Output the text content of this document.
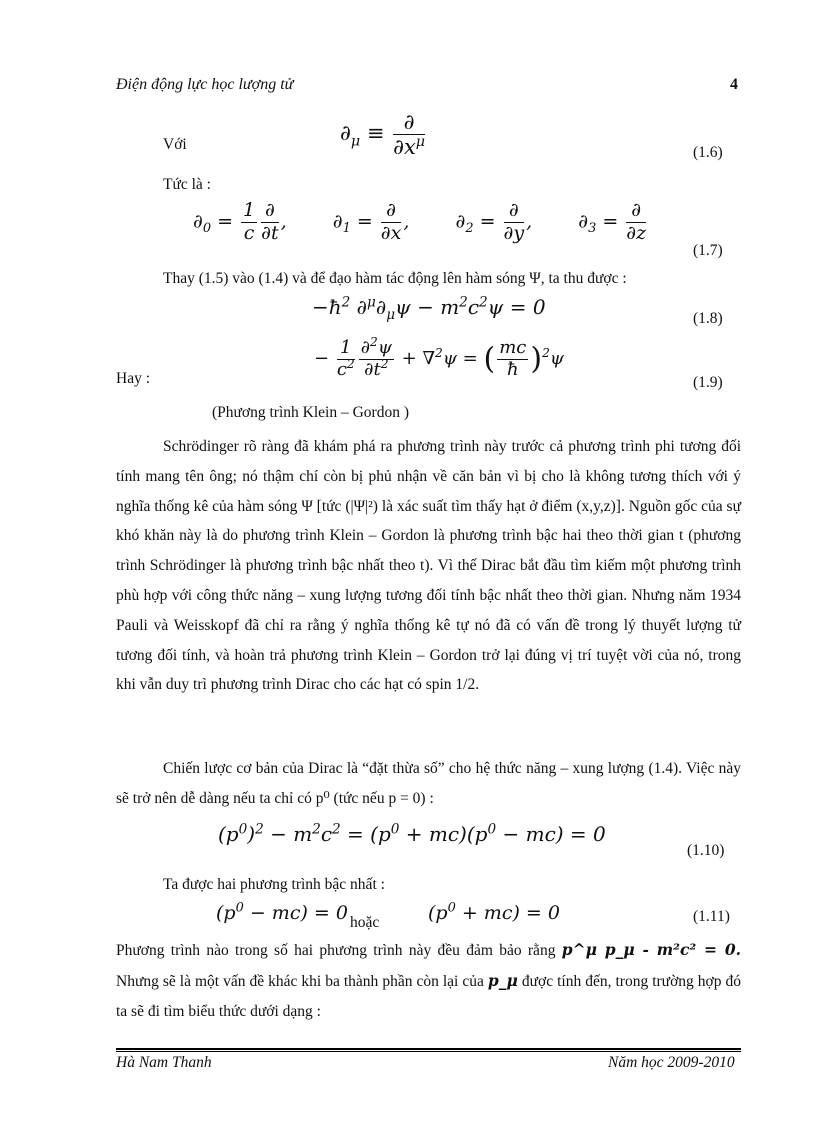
Điện động lực học lượng tử	4
Với	$\partial_\mu \equiv \frac{\partial}{\partial x^\mu}$	(1.6)
Tức là :
$\partial_0 = \frac{1}{c} \frac{\partial}{\partial t}$ ,  $\partial_1 = \frac{\partial}{\partial x}$ ,  $\partial_2 = \frac{\partial}{\partial y}$ ,  $\partial_3 = \frac{\partial}{\partial z}$
(1.7)
Thay (1.5) vào (1.4) và để đạo hàm tác động lên hàm sóng Ψ, ta thu được :
$-ħ^2$ $\partial^\mu\partial_\mu\psi - m^2c^2\psi = 0$	(1.8)
Hay :
− $\frac{1}{c^2} \frac{\partial^2\psi}{\partial t^2} + \nabla^2\psi$ = ( $\frac{mc}{ħ} )^2\psi$
(1.9)
(Phương trình Klein – Gordon )
Schrödinger rõ ràng đã khám phá ra phương trình này trước cả phương trình phi tương đối tính mang tên ông; nó thậm chí còn bị phủ nhận về căn bản vì bị cho là không tương thích với ý nghĩa thống kê của hàm sóng Ψ [tức (|Ψ|²) là xác suất tìm thấy hạt ở điểm (x,y,z)]. Nguồn gốc của sự khó khăn này là do phương trình Klein – Gordon là phương trình bậc hai theo thời gian t (phương trình Schrödinger là phương trình bậc nhất theo t). Vì thế Dirac bắt đầu tìm kiếm một phương trình phù hợp với công thức năng – xung lượng tương đối tính bậc nhất theo thời gian. Nhưng năm 1934 Pauli và Weisskopf đã chỉ ra rằng ý nghĩa thống kê tự nó đã có vấn đề trong lý thuyết lượng tử tương đối tính, và hoàn trả phương trình Klein – Gordon trở lại đúng vị trí tuyệt vời của nó, trong khi vẫn duy trì phương trình Dirac cho các hạt có spin 1/2.
Chiến lược cơ bản của Dirac là “đặt thừa số” cho hệ thức năng – xung lượng (1.4). Việc này sẽ trở nên dễ dàng nếu ta chỉ có p⁰ (tức nếu p = 0) :
$(p^0)^2 - m^2c^2 = (p^0 + mc)(p^0 - mc) = 0$
(1.10)
Ta được hai phương trình bậc nhất :
$(p^0 - mc) = 0$ hoặc	$(p^0 + mc) = 0$	(1.11)
Phương trình nào trong số hai phương trình này đều đảm bảo rằng p^μ p_μ - m²c² = 0. Nhưng sẽ là một vấn đề khác khi ba thành phần còn lại của p_μ được tính đến, trong trường hợp đó ta sẽ đi tìm biểu thức dưới dạng :
Hà Nam Thanh	Năm học 2009-2010
